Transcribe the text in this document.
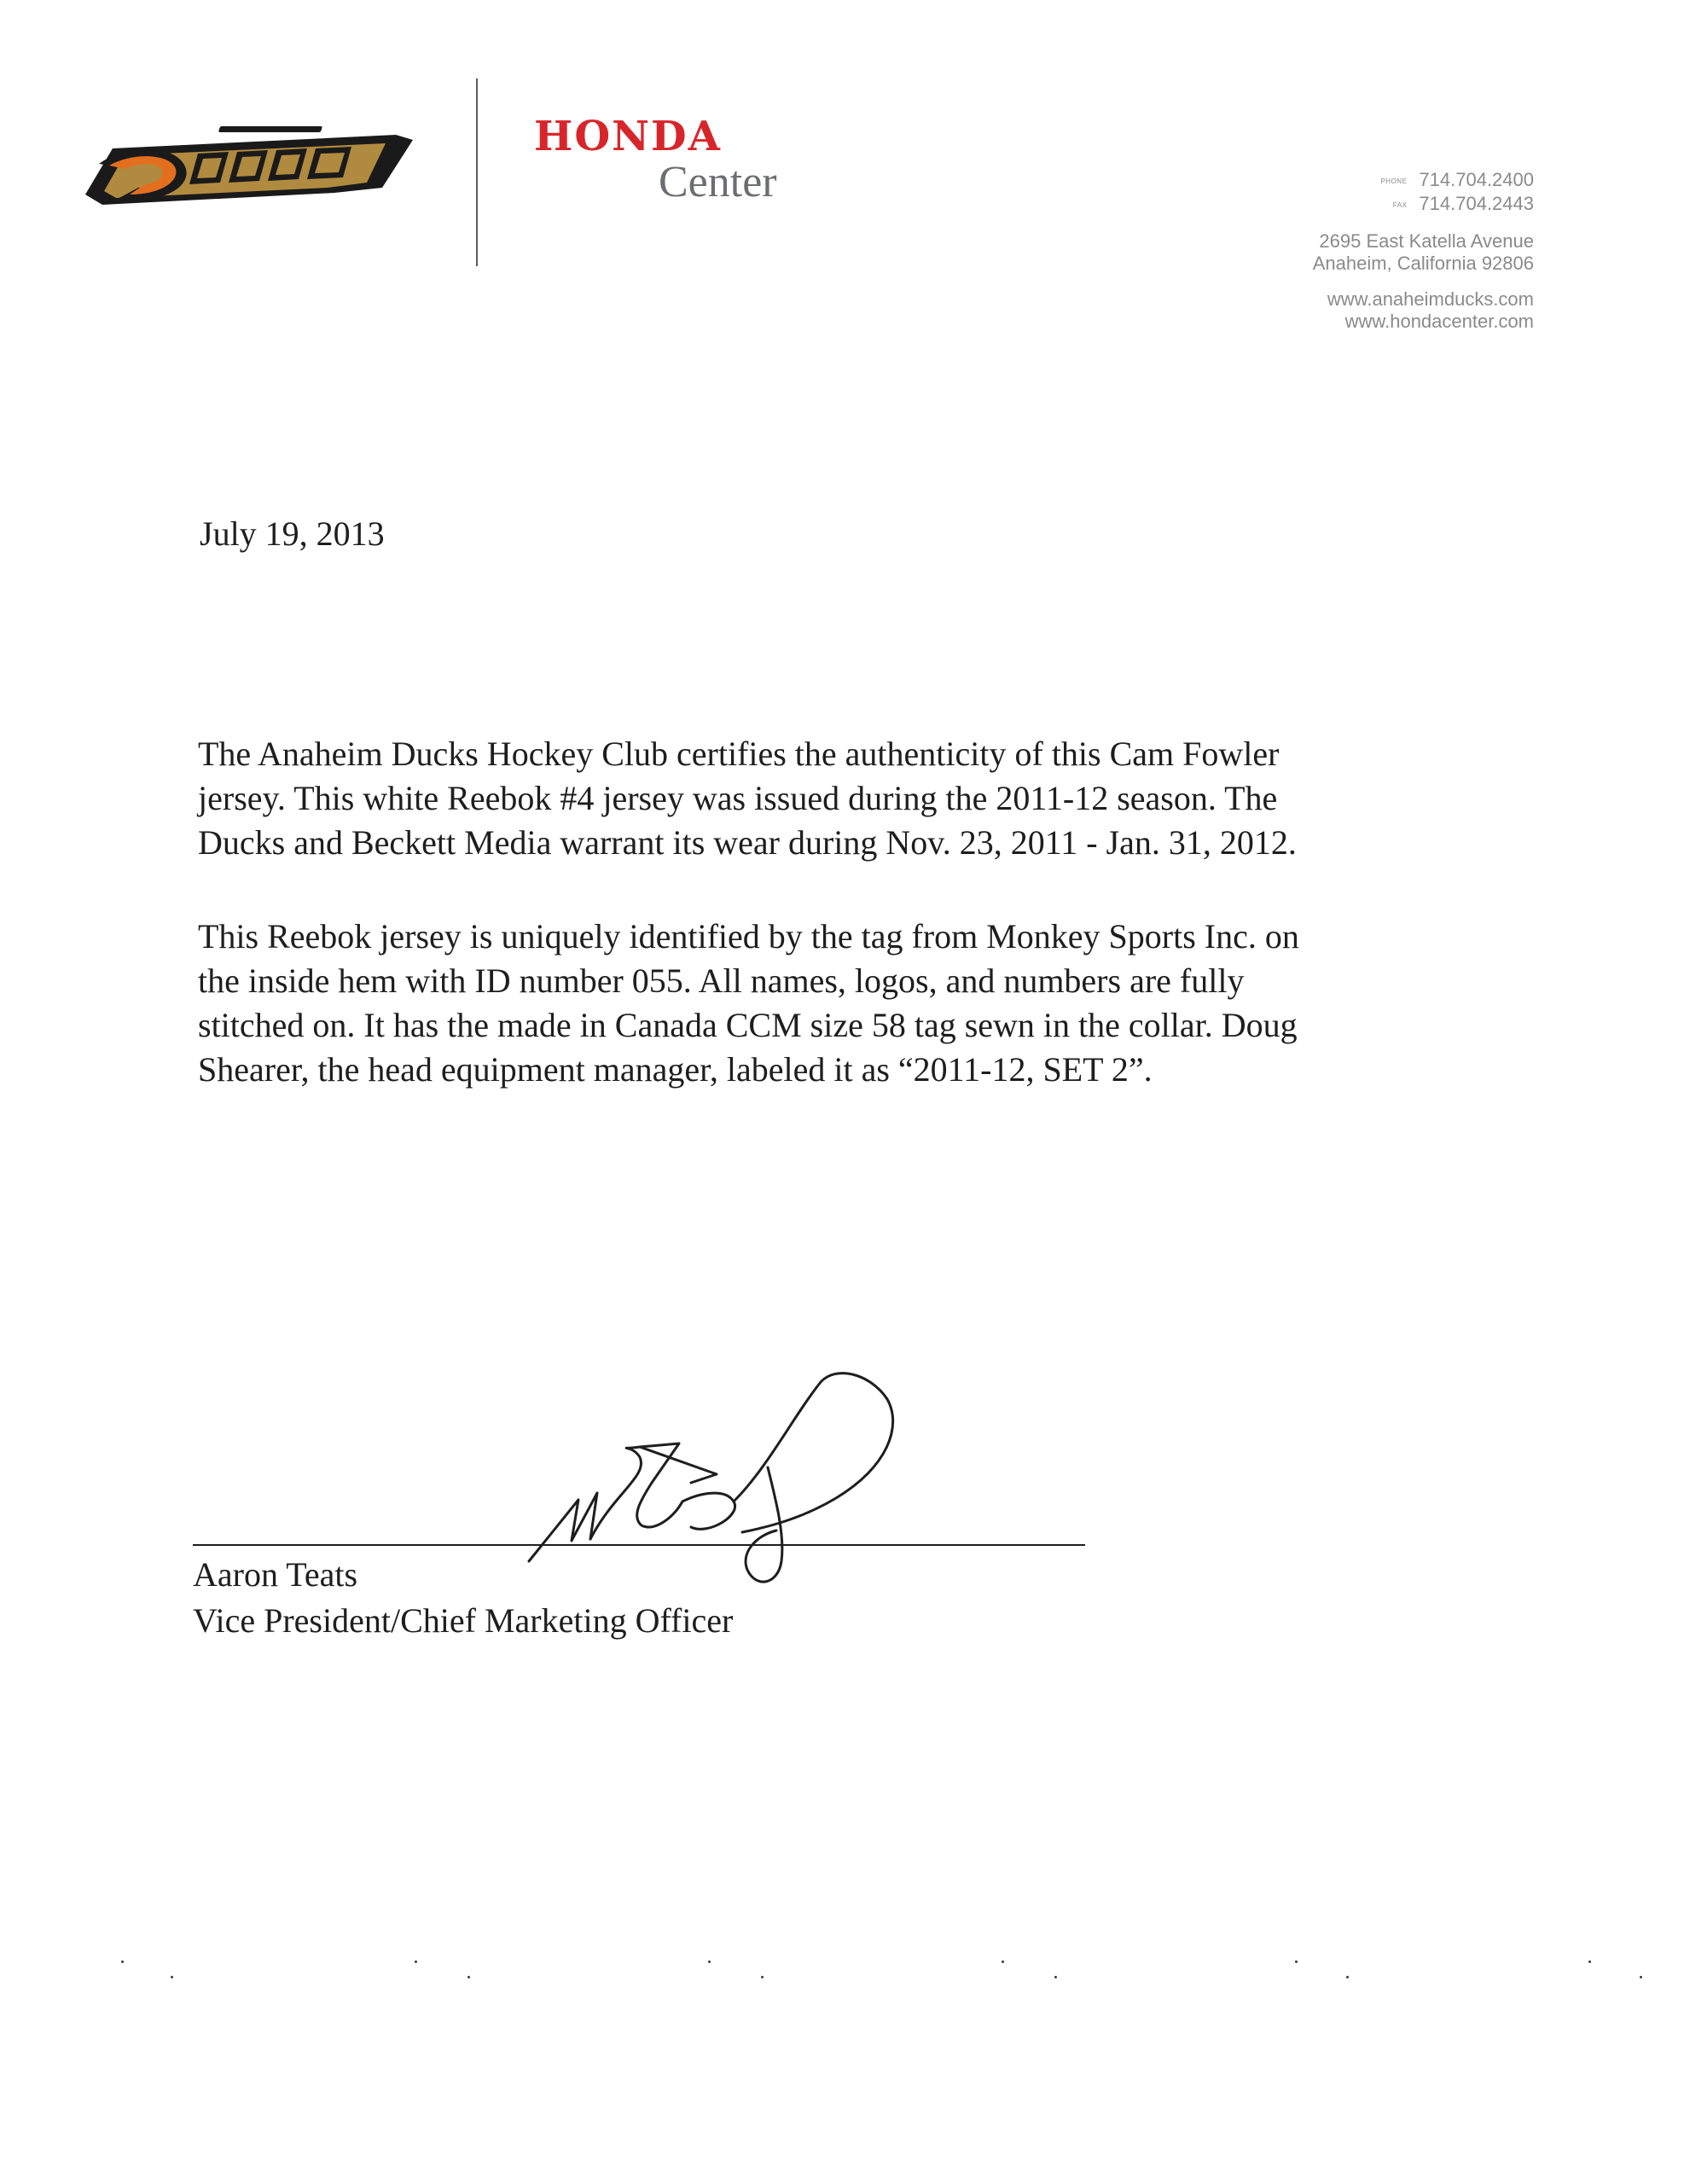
HONDA
Center	PHONE 714.704.2400
FAX 714.704.2443
2695 East Katella Avenue
Anaheim, California 92806
www.anaheimducks.com
www.hondacenter.com
July 19, 2013
The Anaheim Ducks Hockey Club certifies the authenticity of this Cam Fowler
jersey. This white Reebok #4 jersey was issued during the 2011-12 season. The
Ducks and Beckett Media warrant its wear during Nov. 23, 2011 - Jan. 31, 2012.
This Reebok jersey is uniquely identified by the tag from Monkey Sports Inc. on
the inside hem with ID number 055. All names, logos, and numbers are fully
stitched on. It has the made in Canada CCM size 58 tag sewn in the collar. Doug
Shearer, the head equipment manager, labeled it as “2011-12, SET 2”.
Aaron Teats
Vice President/Chief Marketing Officer
